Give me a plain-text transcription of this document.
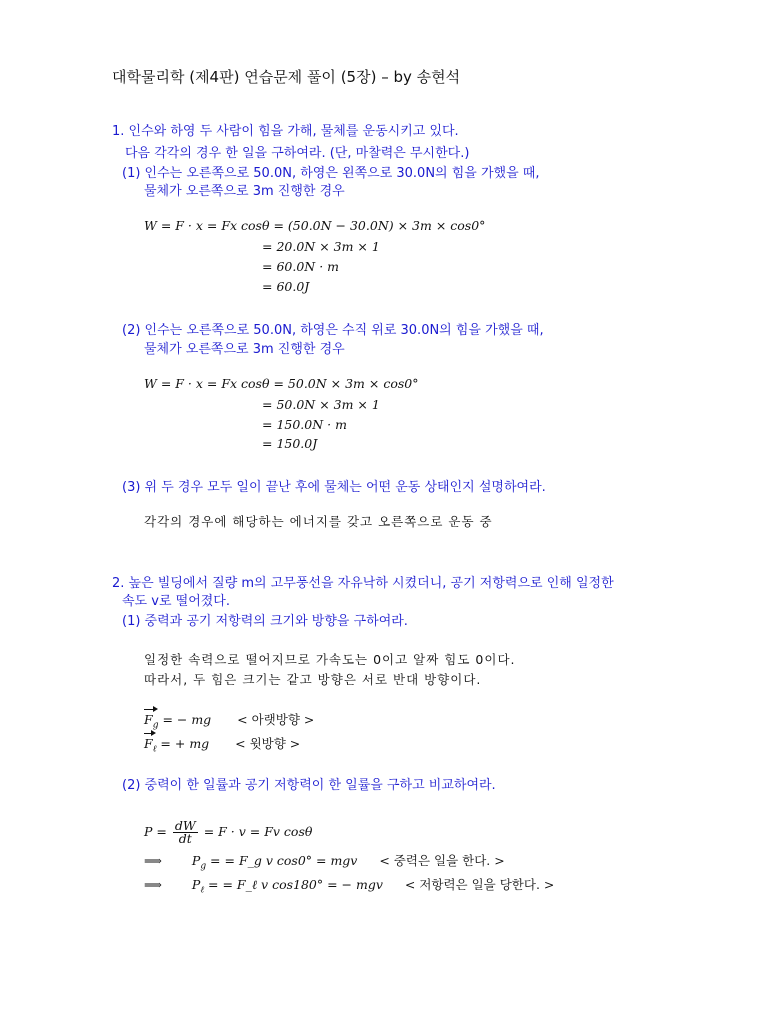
대학물리학 (제4판) 연습문제 풀이 (5장) – by 송현석
1. 인수와 하영 두 사람이 힘을 가해, 물체를 운동시키고 있다.
다음 각각의 경우 한 일을 구하여라. (단, 마찰력은 무시한다.)
(1) 인수는 오른쪽으로 50.0N, 하영은 왼쪽으로 30.0N의 힘을 가했을 때,
물체가 오른쪽으로 3m 진행한 경우
W = F · x = Fx cosθ = (50.0N − 30.0N) × 3m × cos0°
= 20.0N × 3m × 1
= 60.0N · m
= 60.0J
(2) 인수는 오른쪽으로 50.0N, 하영은 수직 위로 30.0N의 힘을 가했을 때,
물체가 오른쪽으로 3m 진행한 경우
W = F · x = Fx cosθ = 50.0N × 3m × cos0°
= 50.0N × 3m × 1
= 150.0N · m
= 150.0J
(3) 위 두 경우 모두 일이 끝난 후에 물체는 어떤 운동 상태인지 설명하여라.
각각의 경우에 해당하는 에너지를 갖고 오른쪽으로 운동 중
2. 높은 빌딩에서 질량 m의 고무풍선을 자유낙하 시켰더니, 공기 저항력으로 인해 일정한
속도 v로 떨어졌다.
(1) 중력과 공기 저항력의 크기와 방향을 구하여라.
일정한 속력으로 떨어지므로 가속도는 0이고 알짜 힘도 0이다.
따라서, 두 힘은 크기는 같고 방향은 서로 반대 방향이다.
$F_g$ = − mg < 아랫방향 >
$F_\ell$ = + mg < 윗방향 >
(2) 중력이 한 일률과 공기 저항력이 한 일률을 구하고 비교하여라.
$P = \frac{dW}{dt} = F \cdot v = Fv$ cosθ
⟹ $P_g$ = = F_g v cos0° = mgv < 중력은 일을 한다. >
⟹ $P_\ell$ = = F_ℓ v cos180° = − mgv < 저항력은 일을 당한다. >
